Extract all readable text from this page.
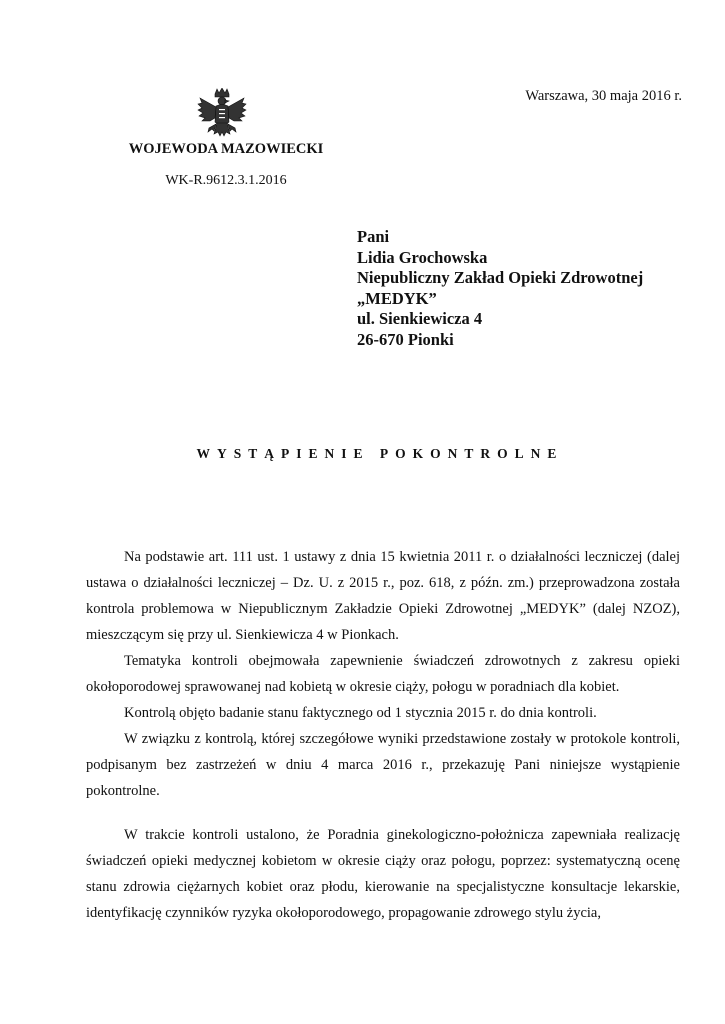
Warszawa, 30 maja 2016 r.
WOJEWODA MAZOWIECKI
WK-R.9612.3.1.2016
Pani
Lidia Grochowska
Niepubliczny Zakład Opieki Zdrowotnej
„MEDYK”
ul. Sienkiewicza 4
26-670 Pionki
WYSTĄPIENIE POKONTROLNE

Na podstawie art. 111 ust. 1 ustawy z dnia 15 kwietnia 2011 r. o działalności leczniczej (dalej ustawa o działalności leczniczej – Dz. U. z 2015 r., poz. 618, z późn. zm.) przeprowadzona została kontrola problemowa w Niepublicznym Zakładzie Opieki Zdrowotnej „MEDYK” (dalej NZOZ), mieszczącym się przy ul. Sienkiewicza 4 w Pionkach.

Tematyka kontroli obejmowała zapewnienie świadczeń zdrowotnych z zakresu opieki okołoporodowej sprawowanej nad kobietą w okresie ciąży, połogu w poradniach dla kobiet.

Kontrolą objęto badanie stanu faktycznego od 1 stycznia 2015 r. do dnia kontroli.

W związku z kontrolą, której szczegółowe wyniki przedstawione zostały w protokole kontroli, podpisanym bez zastrzeżeń w dniu 4 marca 2016 r., przekazuję Pani niniejsze wystąpienie pokontrolne.

W trakcie kontroli ustalono, że Poradnia ginekologiczno-położnicza zapewniała realizację świadczeń opieki medycznej kobietom w okresie ciąży oraz połogu, poprzez: systematyczną ocenę stanu zdrowia ciężarnych kobiet oraz płodu, kierowanie na specjalistyczne konsultacje lekarskie, identyfikację czynników ryzyka okołoporodowego, propagowanie zdrowego stylu życia,
